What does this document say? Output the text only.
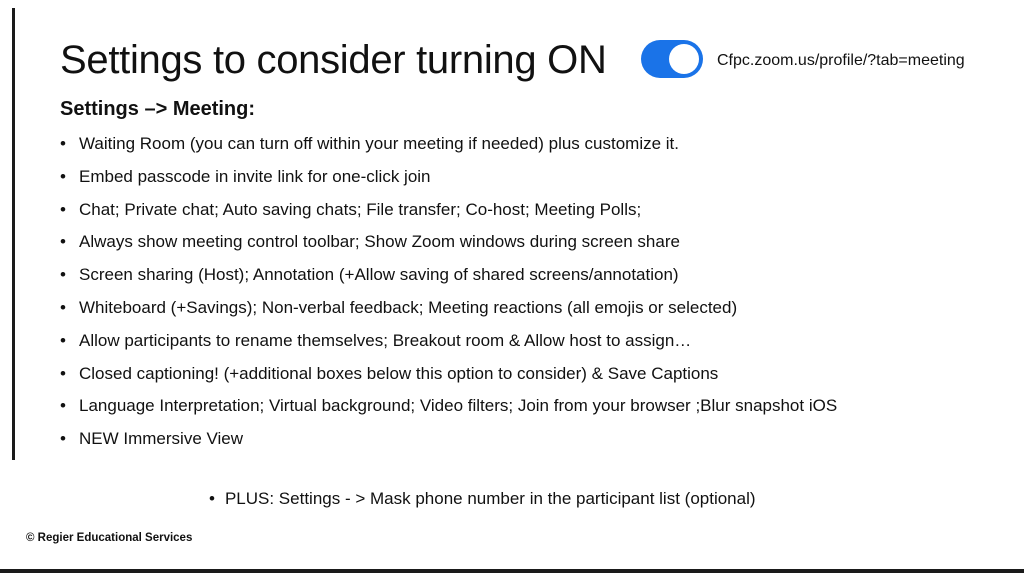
Settings to consider turning ON	Cfpc.zoom.us/profile/?tab=meeting
Settings –> Meeting:
• Waiting Room (you can turn off within your meeting if needed) plus customize it.
• Embed passcode in invite link for one-click join
• Chat; Private chat; Auto saving chats; File transfer; Co-host; Meeting Polls;
• Always show meeting control toolbar; Show Zoom windows during screen share
• Screen sharing (Host); Annotation (+Allow saving of shared screens/annotation)
• Whiteboard (+Savings); Non-verbal feedback; Meeting reactions (all emojis or selected)
• Allow participants to rename themselves; Breakout room & Allow host to assign…
• Closed captioning! (+additional boxes below this option to consider) & Save Captions
• Language Interpretation; Virtual background; Video filters; Join from your browser ;Blur snapshot iOS
• NEW Immersive View
• PLUS: Settings - > Mask phone number in the participant list (optional)
© Regier Educational Services
